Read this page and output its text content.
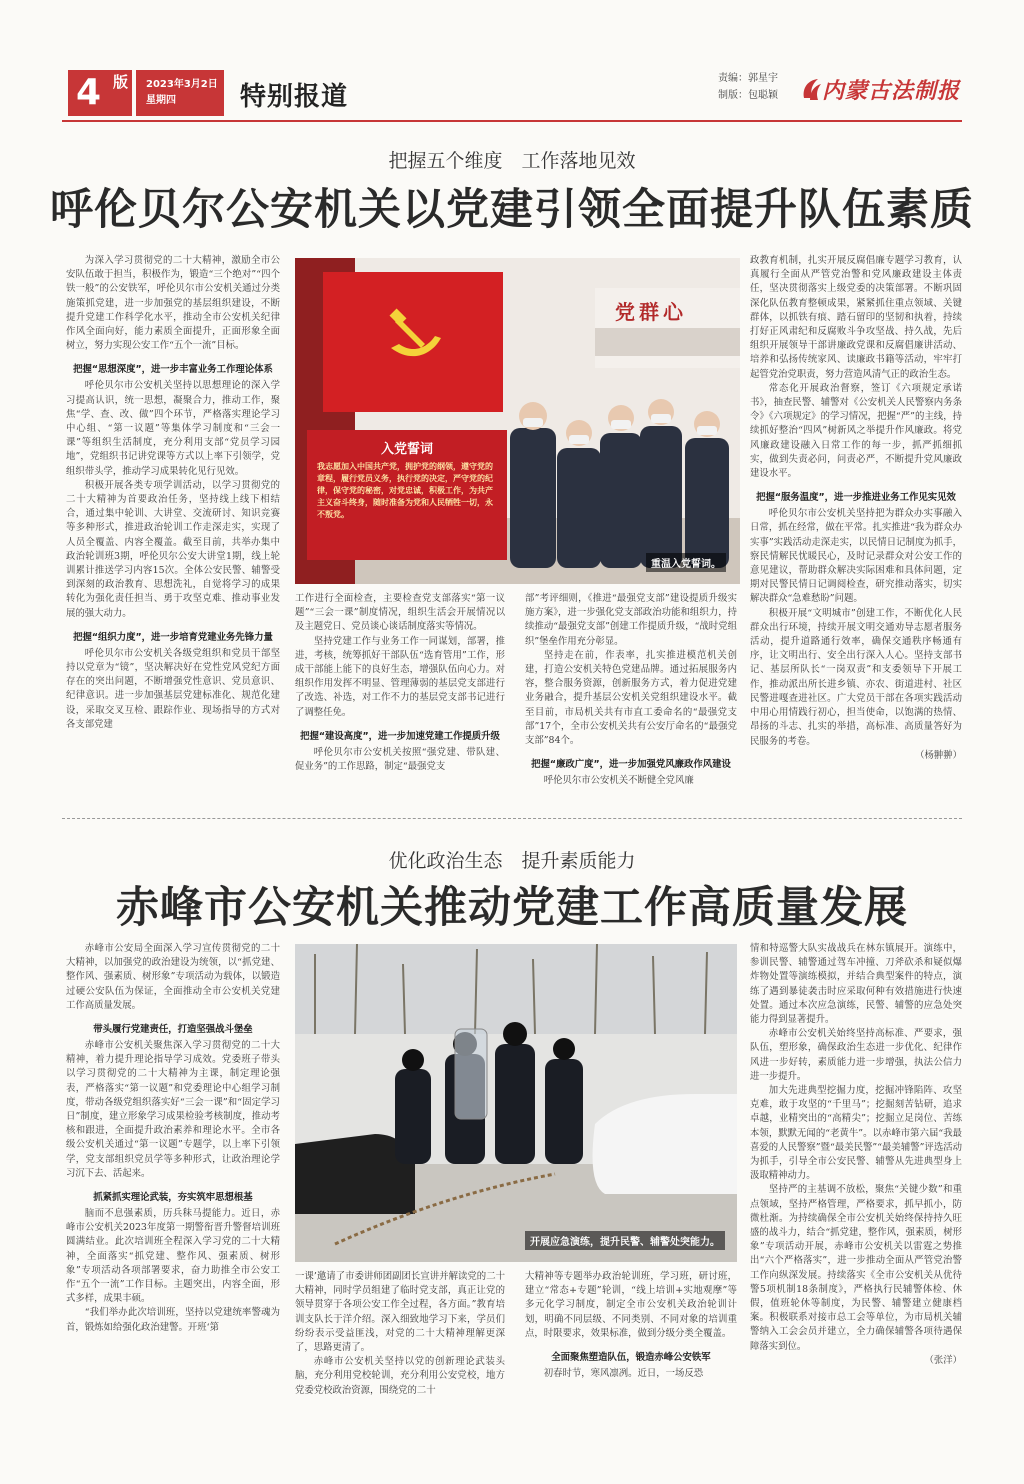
4 版 2023年3月2日
星期四	特别报道
责编：郭星宇
制版：包聪颖 内蒙古法制报
把握五个维度　工作落地见效
呼伦贝尔公安机关以党建引领全面提升队伍素质
入党誓词
我志愿加入中国共产党，拥护党的纲领，遵守党的章程，履行党员义务，执行党的决定，严守党的纪律，保守党的秘密，对党忠诚，积极工作，为共产主义奋斗终身，随时准备为党和人民牺牲一切，永不叛党。
党群心
重温入党誓词。

为深入学习贯彻党的二十大精神，激励全市公安队伍敢于担当，积极作为，锻造“三个绝对”“四个铁一般”的公安铁军，呼伦贝尔市公安机关通过分类施策抓党建，进一步加强党的基层组织建设，不断提升党建工作科学化水平，推动全市公安机关纪律作风全面向好，能力素质全面提升，正面形象全面树立，努力实现公安工作“五个一流”目标。

把握“思想深度”，进一步丰富业务工作理论体系

呼伦贝尔市公安机关坚持以思想理论的深入学习提高认识，统一思想，凝聚合力，推动工作，聚焦“学、查、改、做”四个环节，严格落实理论学习中心组、“第一议题”等集体学习制度和“三会一课”等组织生活制度，充分利用支部“党员学习园地”，党组织书记讲党课等方式以上率下引领学，党组织带头学，推动学习成果转化见行见效。

积极开展各类专项学训活动，以学习贯彻党的二十大精神为首要政治任务，坚持线上线下相结合，通过集中轮训、大讲堂、交流研讨、知识竞赛等多种形式，推进政治轮训工作走深走实，实现了人员全覆盖、内容全覆盖。截至目前，共举办集中政治轮训班3期，呼伦贝尔公安大讲堂1期，线上轮训累计推送学习内容15次。全体公安民警、辅警受到深刻的政治教育、思想洗礼，自觉将学习的成果转化为强化责任担当、勇于攻坚克难、推动事业发展的强大动力。

把握“组织力度”，进一步培育党建业务先锋力量

呼伦贝尔市公安机关各级党组织和党员干部坚持以党章为“镜”，坚决解决好在党性党风党纪方面存在的突出问题，不断增强党性意识、党员意识、纪律意识。进一步加强基层党建标准化、规范化建设，采取交叉互检、跟踪作业、现场指导的方式对各支部党建

工作进行全面检查，主要检查党支部落实“第一议题”“三会一课”制度情况，组织生活会开展情况以及主题党日、党员谈心谈话制度落实等情况。

坚持党建工作与业务工作一同谋划，部署，推进，考核，统筹抓好干部队伍“选育管用”工作，形成干部能上能下的良好生态，增强队伍向心力。对组织作用发挥不明显、管理薄弱的基层党支部进行了改选、补选，对工作不力的基层党支部书记进行了调整任免。

把握“建设高度”，进一步加速党建工作提质升级

呼伦贝尔市公安机关按照“强党建、带队建、促业务”的工作思路，制定“最强党支

部”考评细则，《推进“最强党支部”建设提质升级实施方案》，进一步强化党支部政治功能和组织力，持续推动“最强党支部”创建工作提质升级，“战时党组织”堡垒作用充分彰显。

坚持走在前，作表率，扎实推进模范机关创建，打造公安机关特色党建品牌。通过拓展服务内容，整合服务资源，创新服务方式，着力促进党建业务融合，提升基层公安机关党组织建设水平。截至目前，市局机关共有市直工委命名的“最强党支部”17个，全市公安机关共有公安厅命名的“最强党支部”84个。

把握“廉政广度”，进一步加强党风廉政作风建设

呼伦贝尔市公安机关不断健全党风廉

政教育机制，扎实开展反腐倡廉专题学习教育，认真履行全面从严管党治警和党风廉政建设主体责任，坚决贯彻落实上级党委的决策部署。不断巩固深化队伍教育整顿成果，紧紧抓住重点领域、关键群体，以抓铁有痕、踏石留印的坚韧和执着，持续打好正风肃纪和反腐败斗争攻坚战、持久战，先后组织开展领导干部讲廉政党课和反腐倡廉讲活动、培养和弘扬传统家风、读廉政书籍等活动，牢牢打起管党治党职责，努力营造风清气正的政治生态。

常态化开展政治督察，签订《六项规定承诺书》，抽查民警、辅警对《公安机关人民警察内务条令》《六项规定》的学习情况，把握“严”的主线，持续抓好整治“四风”树新风之举提升作风廉政。将党风廉政建设融入日常工作的每一步，抓严抓细抓实，做到失责必问，问责必严，不断提升党风廉政建设水平。

把握“服务温度”，进一步推进业务工作见实见效

呼伦贝尔市公安机关坚持把为群众办实事融入日常，抓在经常，做在平常。扎实推进“我为群众办实事”实践活动走深走实，以民情日记制度为抓手，察民情解民忧暖民心，及时记录群众对公安工作的意见建议，帮助群众解决实际困难和具体问题，定期对民警民情日记调阅检查，研究推动落实，切实解决群众“急难愁盼”问题。

积极开展“文明城市”创建工作，不断优化人民群众出行环境，持续开展文明交通劝导志愿者服务活动，提升道路通行效率，确保交通秩序畅通有序，让文明出行、安全出行深入人心。坚持支部书记、基层所队长“一岗双责”和支委领导下开展工作，推动派出所长进乡镇、亦农、街道进村、社区民警进嘎查进社区。广大党员干部在各项实践活动中用心用情践行初心，担当使命，以饱满的热情、昂扬的斗志、扎实的举措，高标准、高质量答好为民服务的考卷。

（杨翀翀）

优化政治生态　提升素质能力
赤峰市公安机关推动党建工作高质量发展
开展应急演练，提升民警、辅警处突能力。

赤峰市公安局全面深入学习宣传贯彻党的二十大精神，以加强党的政治建设为统领，以“抓党建、整作风、强素质、树形象”专项活动为载体，以锻造过硬公安队伍为保证，全面推动全市公安机关党建工作高质量发展。

带头履行党建责任，打造坚强战斗堡垒

赤峰市公安机关聚焦深入学习贯彻党的二十大精神，着力提升理论指导学习成效。党委班子带头以学习贯彻党的二十大精神为主课，制定理论强表，严格落实“第一议题”和党委理论中心组学习制度，带动各级党组织落实好“三会一课”和“固定学习日”制度，建立形象学习成果检验考核制度，推动考核和跟进，全面提升政治素养和理论水平。全市各级公安机关通过“第一议题”专题学，以上率下引领学，党支部组织党员学等多种形式，让政治理论学习沉下去、活起来。

抓紧抓实理论武装，夯实筑牢思想根基

脑而不息强素质，历兵秣马提能力。近日，赤峰市公安机关2023年度第一期警衔晋升警督培训班圆满结业。此次培训班全程深入学习党的二十大精神，全面落实“抓党建、整作风、强素质、树形象”专项活动各项部署要求，奋力助推全市公安工作“五个一流”工作目标。主题突出，内容全面，形式多样，成果丰硕。

“我们举办此次培训班，坚持以党建统率警魂为首，锻炼如给强化政治建警。开班‘第

一课’邀请了市委讲师团副团长宣讲并解读党的二十大精神，同时学员组建了临时党支部，真正让党的领导贯穿于各项公安工作全过程，各方面。”教育培训支队长于洋介绍。深入细致地学习下来，学员们纷纷表示受益匪浅，对党的二十大精神理解更深了，思路更清了。

赤峰市公安机关坚持以党的创新理论武装头脑，充分利用党校轮训，充分利用公安党校，地方党委党校政治资源，围绕党的二十

大精神等专题举办政治轮训班，学习班，研讨班，建立“常态+专题”轮训，“线上培训+实地观摩”等多元化学习制度，制定全市公安机关政治轮训计划，明确不同层级、不同类别、不同对象的培训重点，时限要求，效果标准，做到分级分类全覆盖。

全面聚焦塑造队伍，锻造赤峰公安铁军

初春时节，寒风凛冽。近日，一场反恐

情和特巡警大队实战战兵在林东镇展开。演练中，参训民警、辅警通过驾车冲撞、刀斧砍杀和疑似爆炸物处置等演练模拟，并结合典型案件的特点，演练了遇到暴徒袭击时应采取何种有效措施进行快速处置。通过本次应急演练，民警、辅警的应急处突能力得到显著提升。

赤峰市公安机关始终坚持高标准、严要求，强队伍，塑形象，确保政治生态进一步优化、纪律作风进一步好转，素质能力进一步增强，执法公信力进一步提升。

加大先进典型挖掘力度，挖掘冲锋陷阵、攻坚克难，敢于攻坚的“千里马”；挖掘刻苦钻研，追求卓越，业精突出的“高精尖”；挖掘立足岗位、苦练本领，默默无闻的“老黄牛”。以赤峰市第六届“我最喜爱的人民警察”暨“最美民警”“最美辅警”评选活动为抓手，引导全市公安民警、辅警从先进典型身上汲取精神动力。

坚持严的主基调不放松，聚焦“关键少数”和重点领域，坚持严格管理，严格要求，抓早抓小，防微杜渐。为持续确保全市公安机关始终保持持久旺盛的战斗力，结合“抓党建，整作风，强素质，树形象”专项活动开展，赤峰市公安机关以雷霆之势推出“六个严格落实”，进一步推动全面从严管党治警工作向纵深发展。持续落实《全市公安机关从优待警5项机制18条制度》，严格执行民辅警体检、休假，值班轮休等制度，为民警、辅警建立健康档案。积极联系对接市总工会等单位，为市局机关辅警纳入工会会员并建立，全力确保辅警各项待遇保障落实到位。

（张洋）
